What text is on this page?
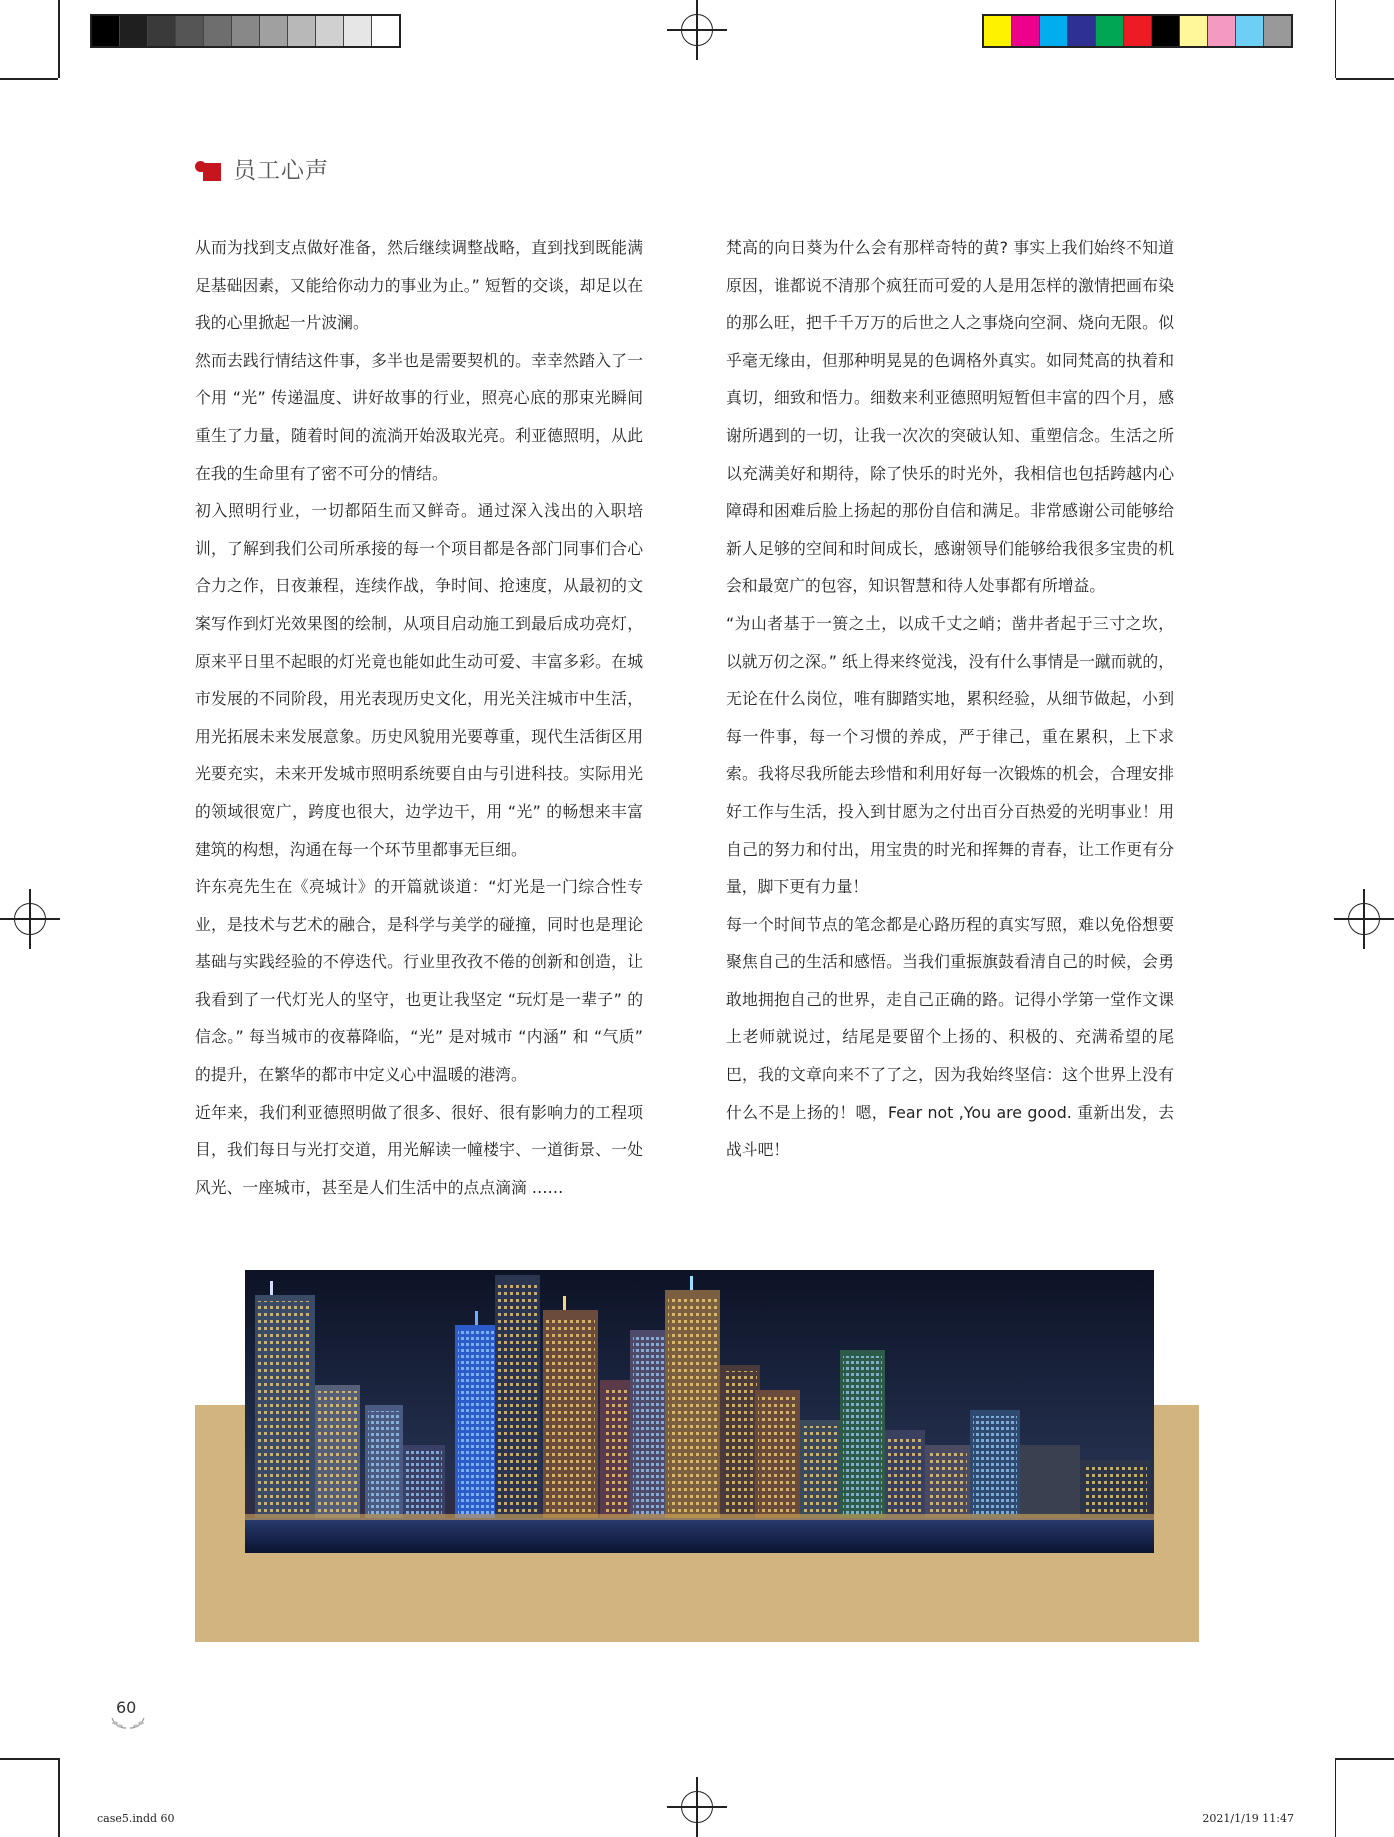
员工心声

从而为找到支点做好准备，然后继续调整战略，直到找到既能满足基础因素，又能给你动力的事业为止。” 短暂的交谈，却足以在我的心里掀起一片波澜。

然而去践行情结这件事，多半也是需要契机的。幸幸然踏入了一个用 “光” 传递温度、讲好故事的行业，照亮心底的那束光瞬间重生了力量，随着时间的流淌开始汲取光亮。利亚德照明，从此在我的生命里有了密不可分的情结。

初入照明行业，一切都陌生而又鲜奇。通过深入浅出的入职培训，了解到我们公司所承接的每一个项目都是各部门同事们合心合力之作，日夜兼程，连续作战，争时间、抢速度，从最初的文案写作到灯光效果图的绘制，从项目启动施工到最后成功亮灯，原来平日里不起眼的灯光竟也能如此生动可爱、丰富多彩。在城市发展的不同阶段，用光表现历史文化，用光关注城市中生活，用光拓展未来发展意象。历史风貌用光要尊重，现代生活街区用光要充实，未来开发城市照明系统要自由与引进科技。实际用光的领域很宽广，跨度也很大，边学边干，用 “光” 的畅想来丰富建筑的构想，沟通在每一个环节里都事无巨细。

许东亮先生在《亮城计》的开篇就谈道：“灯光是一门综合性专业，是技术与艺术的融合，是科学与美学的碰撞，同时也是理论基础与实践经验的不停迭代。行业里孜孜不倦的创新和创造，让我看到了一代灯光人的坚守，也更让我坚定 “玩灯是一辈子” 的信念。” 每当城市的夜幕降临，“光” 是对城市 “内涵” 和 “气质” 的提升，在繁华的都市中定义心中温暖的港湾。

近年来，我们利亚德照明做了很多、很好、很有影响力的工程项目，我们每日与光打交道，用光解读一幢楼宇、一道街景、一处风光、一座城市，甚至是人们生活中的点点滴滴 ……

梵高的向日葵为什么会有那样奇特的黄? 事实上我们始终不知道原因，谁都说不清那个疯狂而可爱的人是用怎样的激情把画布染的那么旺，把千千万万的后世之人之事烧向空洞、烧向无限。似乎毫无缘由，但那种明晃晃的色调格外真实。如同梵高的执着和真切，细致和悟力。细数来利亚德照明短暂但丰富的四个月，感谢所遇到的一切，让我一次次的突破认知、重塑信念。生活之所以充满美好和期待，除了快乐的时光外，我相信也包括跨越内心障碍和困难后脸上扬起的那份自信和满足。非常感谢公司能够给新人足够的空间和时间成长，感谢领导们能够给我很多宝贵的机会和最宽广的包容，知识智慧和待人处事都有所增益。

“为山者基于一篑之土，以成千丈之峭；凿井者起于三寸之坎，以就万仞之深。” 纸上得来终觉浅，没有什么事情是一蹴而就的，无论在什么岗位，唯有脚踏实地，累积经验，从细节做起，小到每一件事，每一个习惯的养成，严于律己，重在累积，上下求索。我将尽我所能去珍惜和利用好每一次锻炼的机会，合理安排好工作与生活，投入到甘愿为之付出百分百热爱的光明事业！用自己的努力和付出，用宝贵的时光和挥舞的青春，让工作更有分量，脚下更有力量！

每一个时间节点的笔念都是心路历程的真实写照，难以免俗想要聚焦自己的生活和感悟。当我们重振旗鼓看清自己的时候，会勇敢地拥抱自己的世界，走自己正确的路。记得小学第一堂作文课上老师就说过，结尾是要留个上扬的、积极的、充满希望的尾巴，我的文章向来不了了之，因为我始终坚信：这个世界上没有什么不是上扬的！嗯，Fear not ,You are good. 重新出发，去战斗吧！

60
case5.indd 60	2021/1/19 11:47
